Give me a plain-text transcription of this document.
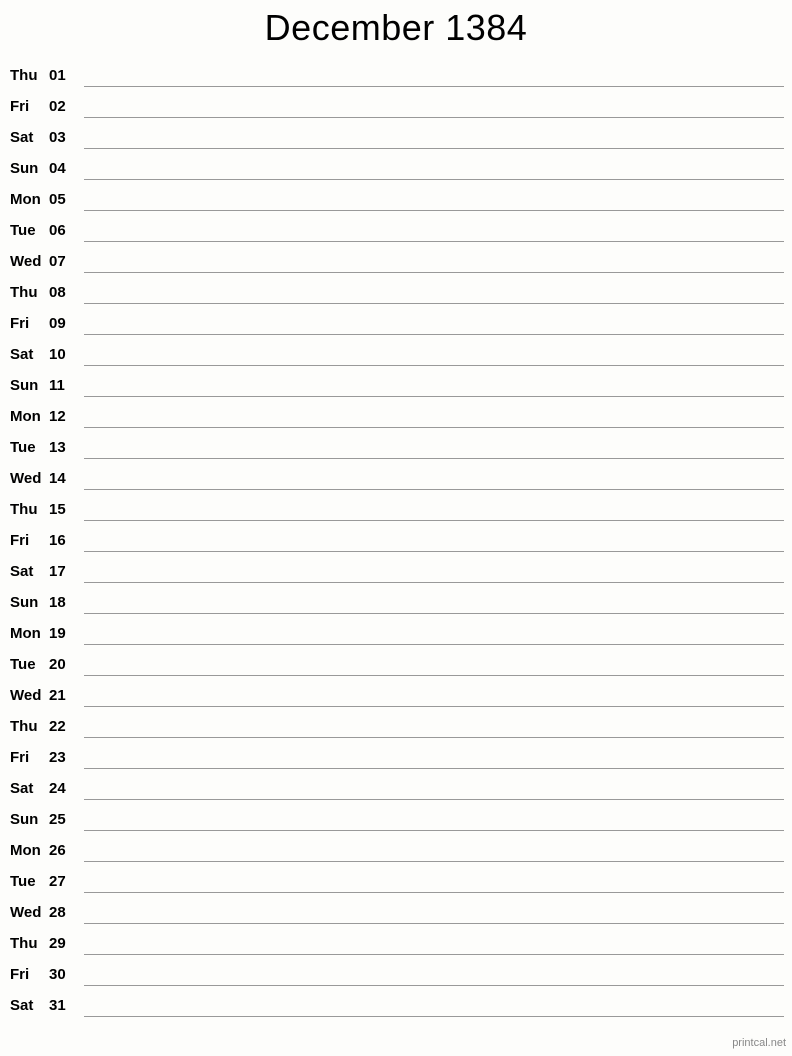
December 1384
Thu 01
Fri	02
Sat	03
Sun 04
Mon 05
Tue 06
Wed 07
Thu 08
Fri	09
Sat	10
Sun 11
Mon 12
Tue 13
Wed 14
Thu 15
Fri	16
Sat	17
Sun 18
Mon 19
Tue 20
Wed 21
Thu 22
Fri	23
Sat	24
Sun 25
Mon 26
Tue 27
Wed 28
Thu 29
Fri	30
Sat	31
printcal.net
